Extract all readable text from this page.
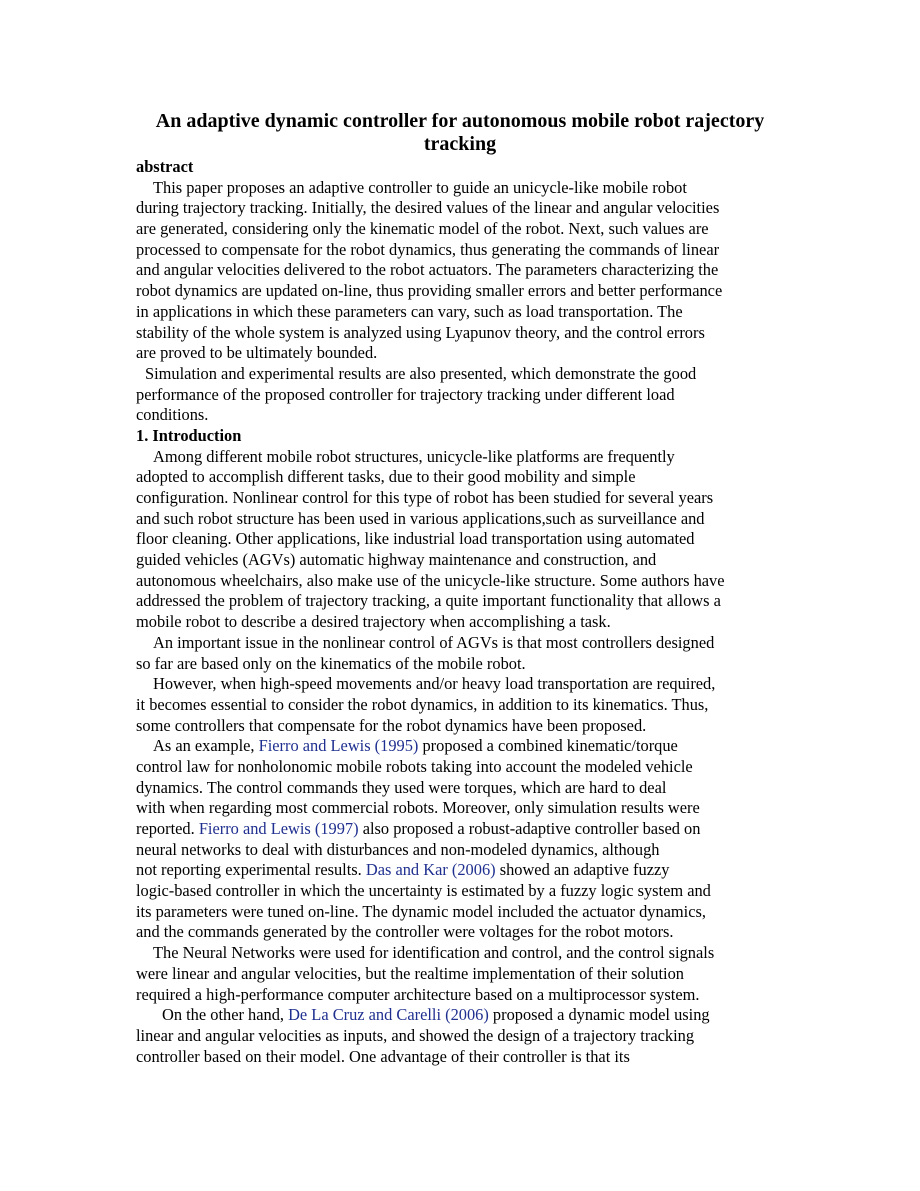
An adaptive dynamic controller for autonomous mobile robot rajectory tracking
abstract
This paper proposes an adaptive controller to guide an unicycle-like mobile robot
during trajectory tracking. Initially, the desired values of the linear and angular velocities
are generated, considering only the kinematic model of the robot. Next, such values are
processed to compensate for the robot dynamics, thus generating the commands of linear
and angular velocities delivered to the robot actuators. The parameters characterizing the
robot dynamics are updated on-line, thus providing smaller errors and better performance
in applications in which these parameters can vary, such as load transportation. The
stability of the whole system is analyzed using Lyapunov theory, and the control errors
are proved to be ultimately bounded.
Simulation and experimental results are also presented, which demonstrate the good
performance of the proposed controller for trajectory tracking under different load
conditions.
1. Introduction
Among different mobile robot structures, unicycle-like platforms are frequently
adopted to accomplish different tasks, due to their good mobility and simple
configuration. Nonlinear control for this type of robot has been studied for several years
and such robot structure has been used in various applications,such as surveillance and
floor cleaning. Other applications, like industrial load transportation using automated
guided vehicles (AGVs) automatic highway maintenance and construction, and
autonomous wheelchairs, also make use of the unicycle-like structure. Some authors have
addressed the problem of trajectory tracking, a quite important functionality that allows a
mobile robot to describe a desired trajectory when accomplishing a task.
An important issue in the nonlinear control of AGVs is that most controllers designed
so far are based only on the kinematics of the mobile robot.
However, when high-speed movements and/or heavy load transportation are required,
it becomes essential to consider the robot dynamics, in addition to its kinematics. Thus,
some controllers that compensate for the robot dynamics have been proposed.
As an example, Fierro and Lewis (1995) proposed a combined kinematic/torque
control law for nonholonomic mobile robots taking into account the modeled vehicle
dynamics. The control commands they used were torques, which are hard to deal
with when regarding most commercial robots. Moreover, only simulation results were
reported. Fierro and Lewis (1997) also proposed a robust-adaptive controller based on
neural networks to deal with disturbances and non-modeled dynamics, although
not reporting experimental results. Das and Kar (2006) showed an adaptive fuzzy
logic-based controller in which the uncertainty is estimated by a fuzzy logic system and
its parameters were tuned on-line. The dynamic model included the actuator dynamics,
and the commands generated by the controller were voltages for the robot motors.
The Neural Networks were used for identification and control, and the control signals
were linear and angular velocities, but the realtime implementation of their solution
required a high-performance computer architecture based on a multiprocessor system.
On the other hand, De La Cruz and Carelli (2006) proposed a dynamic model using
linear and angular velocities as inputs, and showed the design of a trajectory tracking
controller based on their model. One advantage of their controller is that its
